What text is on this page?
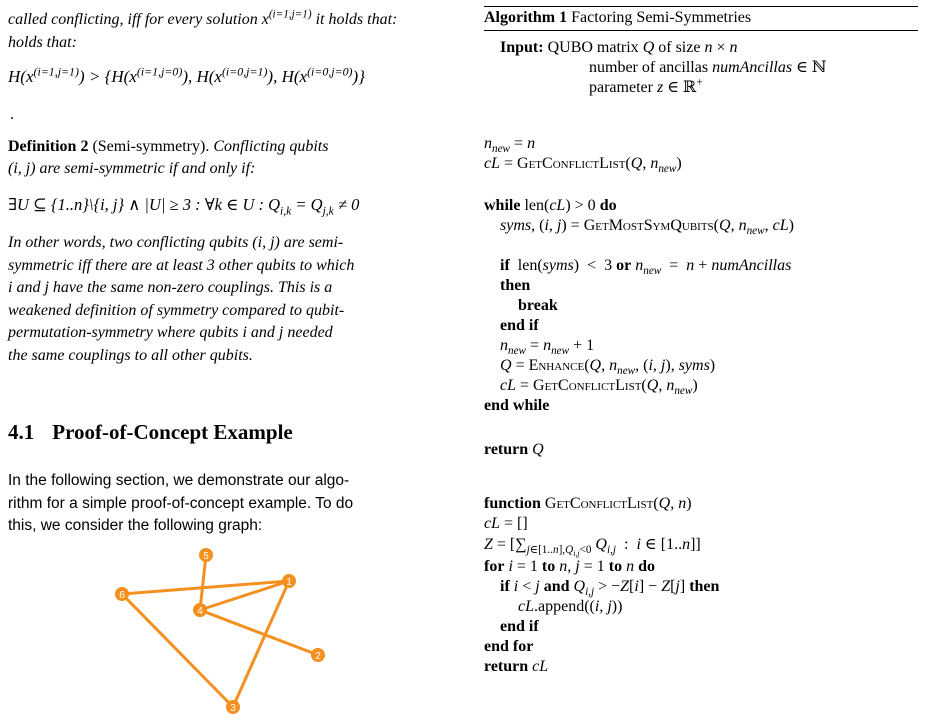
called conflicting, iff for every solution $x^{(i=1,j=1)}$ it holds that:
holds that:
$H(x^{(i=1,j=1)}) > \{H(x^{(i=1,j=0)})$, $H(x^{(i=0,j=1)})$, $H(x^{(i=0,j=0)})$}
.
Definition 2 (Semi-symmetry). Conflicting qubits
(i, j) are semi-symmetric if and only if:
∃U ⊆ {1..n}\{i, j} ∧ |U| ≥ 3 : ∀k ∈ U : $Q_{i,k} = Q_{j,k} \ne 0$
In other words, two conflicting qubits (i, j) are semi-
symmetric iff there are at least 3 other qubits to which
i and j have the same non-zero couplings. This is a
weakened definition of symmetry compared to qubit-
permutation-symmetry where qubits i and j needed
the same couplings to all other qubits.
4.1 Proof-of-Concept Example
In the following section, we demonstrate our algo-
rithm for a simple proof-of-concept example. To do
this, we consider the following graph:
1
2
3
4
5
6
Algorithm 1 Factoring Semi-Symmetries
Input: QUBO matrix Q of size n × n
number of ancillas numAncillas ∈ ℕ
parameter z ∈ ℝ+
$n_{new} = n$
cL = GetConflictList(Q, $n_{new}$)
while len(cL) > 0 do
syms, (i, j) = GetMostSymQubits(Q, $n_{new}$, cL)
if  len(syms)  <  3 or $n_{new} = n$ + numAncillas
then
break
end if
$n_{new} = n_{new} + 1$
Q = Enhance(Q, $n_{new}$, (i, j), syms)
cL = GetConflictList(Q, $n_{new}$)
end while
return Q
function GetConflictList(Q, n)
cL = []
$Z = [\sum_{j\in[1..n],Q_{i,j}<0}$ $Q_{i,j}$  :  i ∈ [1..n]]
for i = 1 to n, j = 1 to n do
if i < j and $Q_{i,j} > -Z[i] - Z[j]$ then
cL.append((i, j))
end if
end for
return cL
